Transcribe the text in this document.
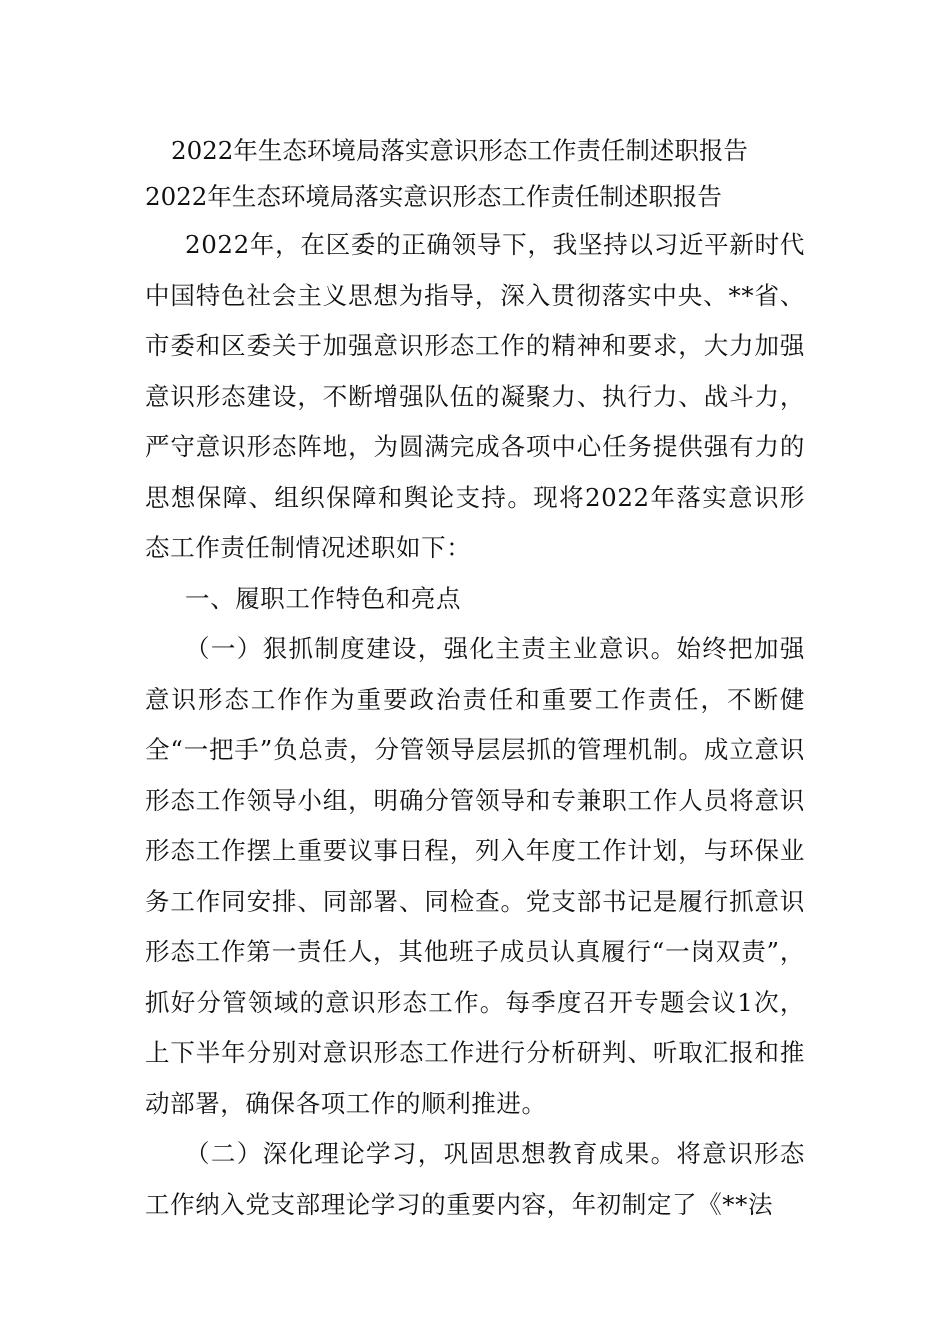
2022年生态环境局落实意识形态工作责任制述职报告
2022年生态环境局落实意识形态工作责任制述职报告

2022年，在区委的正确领导下，我坚持以习近平新时代中国特色社会主义思想为指导，深入贯彻落实中央、**省、市委和区委关于加强意识形态工作的精神和要求，大力加强意识形态建设，不断增强队伍的凝聚力、执行力、战斗力，严守意识形态阵地，为圆满完成各项中心任务提供强有力的思想保障、组织保障和舆论支持。现将2022年落实意识形态工作责任制情况述职如下：

一、履职工作特色和亮点

（一）狠抓制度建设，强化主责主业意识。始终把加强意识形态工作作为重要政治责任和重要工作责任，不断健全“一把手”负总责，分管领导层层抓的管理机制。成立意识形态工作领导小组，明确分管领导和专兼职工作人员将意识形态工作摆上重要议事日程，列入年度工作计划，与环保业务工作同安排、同部署、同检查。党支部书记是履行抓意识形态工作第一责任人，其他班子成员认真履行“一岗双责”，抓好分管领域的意识形态工作。每季度召开专题会议1次，上下半年分别对意识形态工作进行分析研判、听取汇报和推动部署，确保各项工作的顺利推进。

（二）深化理论学习，巩固思想教育成果。将意识形态工作纳入党支部理论学习的重要内容，年初制定了《**法
